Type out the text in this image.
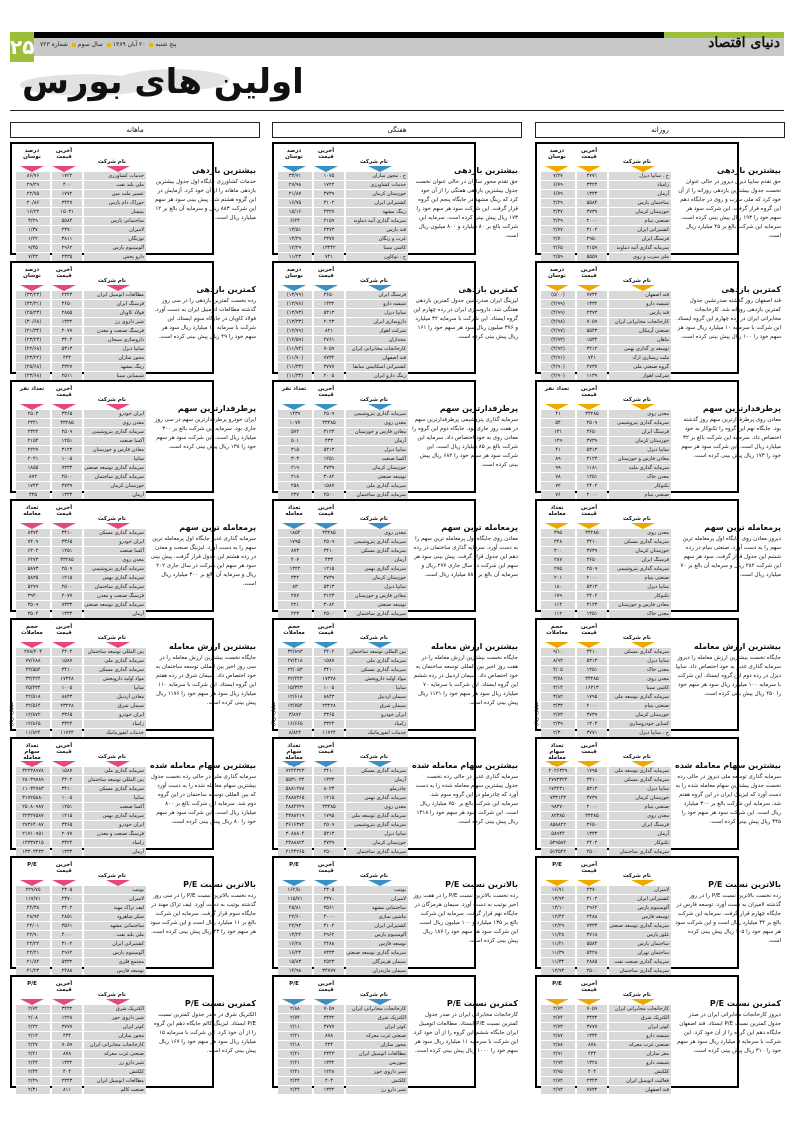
۲۵	پنج شنبه ۲۰ آبان ۱۳۸۹ سال سوم شماره ۷۲۳	دنیای اقتصاد
اولین های بورس
روزانه
نام شرکت
آخرین قیمت
درصد نوسان
ح . سایپا دیزل
۳۷۷۱
۷/۲۷
زامیاد
۳۳۲۴
۶/۷۹
آرمان
۱۳۳۳
۶/۷۹
ساختمان پارس
۵۵۸۴
۴/۲۹
خوزستان کرمان
۳۷۳۹
۴/۳۷
صنعتی بنیام
۲۰۰۰
۴/۲۹
کشتیرانی ایران
۳۱۰۲
۲/۷۷
فرسنگ ایران
۲۹۵۰
۲/۷۰
سرمایه گذاری آتیه دماوند
۲۱۵۹
۲/۶۵
ملی سرب و روی
۵۵۵۹
۲/۵۹
بیشترین بازدهی
حق تقدم سایپا دیزل دیروز در حالی عنوان نخست جدول بیشترین بازدهی روزانه را از آن خود کرد که ملی سرب و روی در جایگاه دهم این گروه قرار گرفت. این شرکت سود هر سهم خود را ۱۹۳ ریال پیش بینی کرده است. سرمایه این شرکت بالغ بر ۴۵ میلیارد ریال است.
نام شرکت
آخرین قیمت
درصد نوسان
قند اصفهان
۷۷۳۲
(۵/۰۰)
شیشه دارو
۱۳۳۲
(۴/۹۹)
قند پارس
۲۳۷۳
(۴/۹۹)
کارخانجات مخابراتی ایران
۷۰۵۹
(۴/۹۸)
صنعتی آرمکان
۵۵۴۳
(۴/۹۷)
ماهان
۱۵۳۴
(۴/۹۳)
توسعه ی گذاری بهمن
۳۲۱۲
(۴/۹۲)
ملت رستاری ارک
۷۴۱
(۴/۹۱)
گروه صنعتی ملی
۲۷۳۷
(۴/۹۰)
شرکت اهواز
۱۱۳۹
(۴/۹۰)
کمترین بازدهی
قند اصفهان روز گذشته صدرنشین جدول کمترین بازدهی روزانه شد. کارخانجات مخابراتی ایران در رده چهارم این گروه ایستاد. این شرکت با سرمایه ۱۰ میلیارد ریال سود هر سهم خود را ۱۰۰ ریال پیش بینی کرده است.
نام شرکت
آخرین قیمت
تعداد نفر
معدن روی
۳۳۲۸۵
۴۱
سرمایه گذاری پتروشیمی
۲۵۰۹
۵۴
فرسنگ ایران
۳۶۵۰
۱۳۱
خوزستان کرمان
۳۷۳۹
۱۲۹
سایپا دیزل
۵۳۱۳
۴۱
معادن فارس و خوزستان
۳۱۲۳
۸۹
سرمایه گذاری ملت
۱۱۸۱
۹۹
معدن خاک
۱۲۵۱
۷۸
تکنوکار
۲۴۰۲
۷۲
صنعتی بنیام
۲۰۰۰
۷۶
پرطرفدارترین سهم
معادن روی پرطرفدارترین سهم روز گذشته بود. جایگاه نهم این گروه را تکنوکار به خود اختصاص داد. سرمایه این شرکت بالغ بر ۳۲ میلیارد ریال است. این شرکت سود هر سهم خود را ۱۷۳ ریال پیش بینی کرده است.
نام شرکت
آخرین قیمت
تعداد معامله
معدن روی
۳۳۲۸۵
۳۹۵
سرمایه گذاری مسکن
۳۴۱۰
۳۴۸
خوزستان کرمان
۳۷۳۹
۳۰۰
فرسنگ ایران
۳۶۵۰
۲۸۷
سرمایه گذاری پتروشیمی
۲۵۰۹
۲۷۵
صنعتی بنیام
۲۰۰۰
۲۰۱
سایپا دیزل
۵۳۱۳
۱۸۰
تکنوکار
۲۴۰۲
۱۷۹
معادن فارس و خوزستان
۳۱۲۳
۱۱۴
معدن خاک
۱۲۵۱
۱۱۲
پرمعامله ترین سهم
دیروز معادن روی جایگاه اول پرمعامله ترین سهم را به دست آورد. صنعتی بنیام در رده ششم این جدول قرار گرفت. سود هر سهم این شرکت ۲۸۲ ریال و سرمایه آن بالغ بر ۷۰ میلیارد ریال است.
نام شرکت
آخرین قیمت
حجم معاملات
سرمایه گذاری مسکن
۳۴۱۰
۹/۱۰
سایپا دیزل
۵۳۱۳
۸/۹۳
معدن خاک
۱۲۵۱
۴/۰۵
معدن روی
۳۳۲۸۵
۳/۷۸
کاشی سینا
۱۶۳۱۳
۳/۱۴
سرمایه گذاری توسعه ملی
۱۷۹۵
۳/۸۲
صنعتی بنیام
۲۰۰۰
۳/۳۳
خوزستان کرمان
۳۷۳۹
۲/۷۳
کمباین خودروسازی
۱۳۰۳
۲/۳۹
ح . سایپا دیزل
۳۷۷۱
۲/۳۰
بیشترین ارزش معامله
جایگاه نخست بیشترین ارزش معامله را دیروز سرمایه گذاری غدیر به خود اختصاص داد. سایپا دیزل در رده دوم این گروه ایستاد. این شرکت با سرمایه ۱۰۰ میلیارد ریال سود هر سهم خود را ۴۵۰ ریال پیش بینی کرده است.
میلیارد ریال
نام شرکت
آخرین قیمت
تعداد سهام معامله شده
سرمایه گذاری توسعه ملی
۱۷۹۵
۲۰۲۶۳۳۹
سرمایه گذاری مسکن
۳۴۱۰
۲۷۷۳۳۲۴
سایپا دیزل
۵۳۱۳
۱۷۳۲۳۱۰
خوزستان کرمان
۳۷۳۹
۷۳۳۱۴۳
صنعتی بنیام
۲۰۰۰
۹۸۳۷۰
معدن روی
۳۳۲۸۵
۸۲۳۸۵
فرسنگ ایران
۳۶۵۰
۸۵۸۸۲۲
آرمان
۱۳۳۳
۵۸۹۴۴
تکنوکار
۲۴۰۲
۵۲۹۵۸۲
سرمایه گذاری ساختمان
۲۵۰۰
۵۱۳۵۴۲
بیشترین سهام معامله شده
سرمایه گذاری توسعه ملی دیروز در حالی رده نخست جدول بیشترین سهام معامله شده را به دست آورد که لیزینگ ایران در این گروه هفتم شد. سرمایه این شرکت بالغ بر ۳۰۰ میلیارد ریال است. این شرکت سود هر سهم خود را ۳۴۵ ریال پیش بینی کرده است.
نام شرکت
آخرین قیمت
P/E
لامیران
۲۳۷۰
۱۶/۷۱
کشتیرانی ایران
۳۱۰۲
۱۳/۹۳
آلومینیوم پارس
۲۹۶۲
۱۳/۱۰
توسعه فارس
۲۴۸۸
۱۲/۴۲
سرمایه گذاری توسعه صنعتی
۷۳۳۳
۱۲/۲۹
غلور پارس
۳۷۱۸
۱۱/۲۸
ساختمان پارس
۵۵۸۴
۱۱/۲۱
ساختمان تهران
۵۴۲۸
۱۱/۳۹
سرمایه گذاری صنعت نفت
۲۸۸۵
۱۱/۳۴
سرمایه گذاری ساختمان
۲۵۰۰
۱۲/۹۳
بالاترین نسبت P/E
رده نخست بالاترین نسبت P/E را در روز گذشته لامیران به دست آورد. توسعه فارس در جایگاه چهارم قرار گرفت. سرمایه این شرکت بالغ بر ۳۴ میلیارد ریال است و این شرکت سود هر سهم خود را ۱۰۵ ریال پیش بینی کرده است.
نام شرکت
آخرین قیمت
P/E
کارخانجات مخابراتی ایران
۷۰۵۹
۲/۷۴
الکتریک شرق
۳۴۳۲
۲/۷۴
کوثر ایران
۳۷۷۷
۲/۷۳
شیشه دارو
۱۳۳۲
۲/۸۷
صنعتی غرب معرکه
۸۷۸
۲/۸۸
مغز ساران
۴۳۴
۲/۹۱
شیشه دارو
۱۳۲۸
۲/۹۳
کلکتش
۴۰۴
۲/۹۵
فعالیت اتوسیل ایران
۲۳۴۳
۲/۷۴
قند اصفهان
۷۷۳۲
۲/۹۳
کمترین نسبت P/E
دیروز کارخانجات مخابراتی ایران در صدر جدول کمترین نسبت P/E ایستاد. قند اصفهان جایگاه دهم این گروه را از آن خود کرد. این شرکت با سرمایه ۵ میلیارد ریال سود هر سهم خود را ۳۱۰ ریال پیش بینی کرده است.
هفتگی
نام شرکت
آخرین قیمت
درصد نوسان
ح . محور سازان
۱۰۷۵
۳۳/۷۱
خدمات کشاورزی
۱۷۲۲
۲۷/۹۸
خوزستان کرمان
۳۷۳۹
۲۱/۸۷
کشتیرانی ایران
۳۱۰۲
۱۶/۷۵
رینگ مشهد
۴۳۲۷
۱۵/۱۶
سرمایه گذاری آتیه دماوند
۲۱۵۹
۶/۲۴
قند پارس
۲۳۷۳
۱۳/۵۱
غرب و زنگان
۲۳۷۷
۱۳/۲۹
کاشی سینا
۱۳۳۴۲
۱۲/۲۹
ح . توکاون
۷۴۱
۱۱/۲۳
بیشترین بازدهی
حق تقدم محور سازان در حالی عنوان نخست جدول بیشترین بازدهی هفتگی را از آن خود کرد که رینگ مشهد در جایگاه پنجم این گروه قرار گرفت. این شرکت سود هر سهم خود را ۱۷۳ ریال پیش بینی کرده است. سرمایه این شرکت بالغ بر ۸۰ میلیارد و ۸۰۰ میلیون ریال است.
نام شرکت
آخرین قیمت
درصد نوسان
فرسنگ ایران
۳۶۵۰
(۱۳/۷۹)
شیشه دارو
۱۳۳۲
(۱۳/۷۸)
سایپا دیزل
۵۳۱۳
(۱۳/۷۳)
داروسازی ایران
۲۰۲۳
(۱۳/۳۳)
شرکت اهواز
۸۲۱
(۱۲/۷۹)
محداران
۲۷۶۱
(۱۲/۵۹)
کارخانجات مخابراتی ایران
۷۰۵۹
(۱۱/۷۴)
قند اصفهان
۷۷۳۲
(۱۱/۷۰)
کشتیرانی اسکانیس سابقا
۳۷۷۷
(۱۱/۳۳)
رینگ دارو ایران
۲۰۰۵
(۱۱/۳۳)
کمترین بازدهی
لیزینگ ایران صدرنشین جدول کمترین بازدهی هفتگی شد. داروسازی ایران در رده چهارم این گروه ایستاد. این شرکت با سرمایه ۳۲ میلیارد و ۳۷۶ میلیون ریال سود هر سهم خود را ۱۶۱ ریال پیش بینی کرده است.
نام شرکت
آخرین قیمت
تعداد نفر
سرمایه گذاری پتروشیمی
۲۵۰۹
۱۴۳۹
معدن روی
۳۳۲۸۵
۱۰۷۷
معادن فارس و خوزستان
۳۱۲۳
۵۷۲
آرمان
۴۳۳
۵۰۱
سایپا دیزل
۵۳۱۳
۳۱۵
آکسا صنعت
۱۲۵۱
۳۰۳
خوزستان کرمان
۳۷۳۹
۲۱۹
توسعه صنعتی
۳۰۸۲
۲۱۸
سرمایه گذاری ملی
۱۵۸۷
۲۵۸
سرمایه گذاری ساختمان
۲۵۰۰
۲۳۷
پرطرفدارترین سهم
سرمایه گذاری پتروشیمی پرطرفدارترین سهم در هفت روز جاری بود. جایگاه دوم این گروه را معادن روی به خود اختصاص داد. سرمایه این شرکت بالغ بر ۸۵ میلیارد ریال است. این شرکت سود هر سهم خود را ۶۸۲ ریال پیش بینی کرده است.
نام شرکت
آخرین قیمت
تعداد معامله
معدن روی
۳۳۲۸۵
۱۸۵۴
سرمایه گذاری پتروشیمی
۲۵۰۹
۱۷۹۵
سرمایه گذاری مسکن
۳۴۱۰
۸۷۳
آرمان
۴۳۳
۴۰۷
سرمایه گذاری بهمن
۱۲۱۵
۱۳۲۲
خوزستان کرمان
۳۷۳۹
۳۳۲
سایپا دیزل
۵۳۱۳
۸۳
معادن فارس و خوزستان
۳۱۲۳
۲۷۷
توسعه صنعتی
۳۰۸۲
۲۲۱
سرمایه گذاری ساختمان
۲۵۰۰
۲۲۳
پرمعامله ترین سهم
معادن روی جایگاه اول پرمعامله ترین سهم را به دست آورد. سرمایه گذاری ساختمان در رده دهم این جدول قرار گرفت. پیش بینی سود هر سهم این شرکت در سال جاری ۲۷۷ ریال و سرمایه آن بالغ بر ۸۸۰ میلیارد ریال است.
نام شرکت
آخرین قیمت
حجم معاملات
بین المللی توسعه ساختمان
۴۴۰۲
۳۲/۸۹۳
سرمایه گذاری ملی
۱۵۸۷
۲۷/۴۱۸
سرمایه گذاری مسکن
۳۴۱۰
۲۳/۰۵۳
مواد اولیه داروپخش
۱۷۳۲۸
۲۲/۲۴۳
سایپا
۱۰۰۵
۱۵/۳۴۳
سیمان اردبیل
۸۸۴۳
۱۲/۶۱۸
سیمان شرق
۲۳۲۲۸
۱۳/۷۵۴
ایران خودرو
۳۳۶۵
۳/۸۷۲
زامیاد
۳۳۲۴
۱۶/۶۶۵
خدمات انفورماتیک
۱۱۷۲۴
۸/۸۲۲
بیشترین ارزش معامله
جایگاه نخست بیشترین ارزش معامله را در هفت روز اخیر بین المللی توسعه ساختمان به خود اختصاص داد. سیمان اردبیل در رده ششم این گروه ایستاد. این شرکت با سرمایه ۷۰ میلیارد ریال سود هر سهم خود را ۱۱۲۱ ریال پیش بینی کرده است.
میلیارد ریال
نام شرکت
آخرین قیمت
تعداد سهام معامله شده
سرمایه گذاری مسکن
۳۴۱۰
۷۲۴۴۳۲۳
آرمان
۱۳۳۳
۵۵۳۱۰۳۴
چادرملو
۸۰۲۳
۵۸۸۱۲۷۸
سرمایه گذاری بهمن
۱۲۱۵
۴۸۸۸۳۶۵
معدن روی
۳۳۲۸۵
۴۸۸۴۲۲۹
سرمایه گذاری توسعه ملی
۱۷۹۵
۴۳۸۸۲۱۹
سرمایه گذاری پتروشیمی
۲۵۰۹
۳۶۱۶۳۷۲
سایپا دیزل
۵۳۱۳
۳۰۸۸۸۰۴
خوزستان کرمان
۳۷۳۹
۲۳۸۸۸۲۴
سرمایه گذاری ساختمان
۲۵۰۰
۲۱۴۴۲۶۵
بیشترین سهام معامله شده
سرمایه گذاری غدیر در حالی رده نخست جدول بیشترین سهام معامله شده را به دست آورد که چادرملو در این گروه سوم شد. سرمایه این شرکت بالغ بر ۷۵۰ میلیارد ریال است. این شرکت سود هر سهم خود را ۱۳۱۸ ریال پیش بینی کرده است.
نام شرکت
آخرین قیمت
P/E
بوتیب
۲۳۰۵
۱۶۲/۵۰
لامیران
۲۳۷۰
۱۱۵/۷۱
ساختمانی مشهد
۳۵۶۱
۲۵/۸۱
ماشین سازی
۴۰۰۰
۲۲/۶۰
کشتیرانی ایران
۳۱۰۲
۲۲/۹۳
آلومینیوم پارس
۲۹۶۲
۱۳/۲۲
توسعه فارس
۲۴۸۸
۱۶/۲۸
سرمایه گذاری توسعه صنعتی
۷۳۳۳
۱۶/۲۴
سیمان هرمزگان
۲۵۲۳
۱۵/۸۳
سیمان مازندران
۳۴۷۷۷
۱۴/۹۸
بالاترین نسبت P/E
رده نخست بالاترین نسبت P/E را در هفت روز اخیر بوتیب به دست آورد. سیمان هرمزگان در جایگاه نهم قرار گرفت. سرمایه این شرکت بالغ بر ۱۳۵ میلیارد و ۱۰۰ میلیون ریال است. این شرکت سود هر سهم خود را ۱۸۷ ریال پیش بینی کرده است.
نام شرکت
آخرین قیمت
P/E
کارخانجات مخابراتی ایران
۷۰۵۹
۲/۸۸
الکتریک شرق
۳۴۳۲
۲/۷۴
کوثر ایران
۳۷۷۷
۲/۱۱
صنعتی غرب معرکه
۸۷۸
۲/۲۱
محور سازان
۴۳۴
۲/۱۸
مطالعات اتومبیل ایران
۲۳۴۳
۲/۲۱
سوزیس
۱۳۳۲
۲/۲۱
شیر داروی خور
۱۲۲۸
۲/۲۱
کلکتش
۴۰۴
۲/۲۴
شیر دارو رز
۱۳۳۲
۲/۲۴
کمترین نسبت P/E
کارخانجات مخابراتی ایران در صدر جدول کمترین نسبت P/E ایستاد. مطالعات اتومبیل ایران جایگاه ششم این گروه را از آن خود کرد. این شرکت با سرمایه ۱۱ میلیارد ریال سود هر سهم خود را ۱۰۰۰ ریال پیش بینی کرده است.
ماهانه
نام شرکت
آخرین قیمت
درصد نوسان
خدمات کشاورزی
۱۷۲۲
۸۶/۷۶
ملی بلند نفت
۴۰۰
۲۹/۲۹
عسیر ملت مین
۱۷۷۲
۲۲/۷۵
خوراک دام پارس
۳۴۴۷
۲۰/۸۶
بنیسار
۱۵۰۳۱
۱۶/۲۲
ساختمانی پارس
۵۵۸۴
۳/۲۹
لامیران
۲۳۷۰
۱/۳۷
توزنگان
۳۸۱۱
۱/۲۲
آلومینیوم پارس
۲۹۶۲
۹/۳۵
دارو پخش
۲۳۳۵
۷/۴۳
بیشترین بازدهی
خدمات کشاورزی جایگاه اول جدول بیشترین بازدهی ماهانه را از آن خود کرد. آزمایش در این گروه هشتم شد. پیش بینی سود هر سهم این شرکت ۸۸۳ ریال و سرمایه آن بالغ بر ۱۲ میلیارد ریال است.
نام شرکت
آخرین قیمت
درصد نوسان
مطالعات اتومبیل ایران
۲۳۴۳
(۳۳/۲۳)
فرسنگ ایران
۳۶۵۰
(۳۲/۳۱)
فولاد کاویان
۲۸۵۵
(۲۵/۲۳)
شیر داروی رز
۱۳۳۲
(۳۰/۶۸)
فرسنگ صنعت و معدن
۲۰۷۷
(۲۱/۳۴)
داروسازی سبحان
۳۴۰۴
(۲۳/۲۳)
سایپا دیزل
۵۳۱۳
(۲۲/۶۸)
محور سازان
۴۳۴
(۲۳/۲۲)
رینگ مشهد
۴۳۲۷
(۲۵/۶۸)
شیمیایی سینا
۲۵۱۱
(۲۳/۶۸)
کمترین بازدهی
رده نخست کمترین بازدهی را در سی روز گذشته مطالعات اتومبیل ایران به دست آورد. فولاد کاویان در جایگاه سوم ایستاد. این شرکت با سرمایه ۱۰ میلیارد ریال سود هر سهم خود را ۴۹ ریال پیش بینی کرده است.
نام شرکت
آخرین قیمت
تعداد نفر
ایران خودرو
۳۳۶۵
۲۵۰۳
معدن روی
۳۳۲۸۵
۲۳۴۱
سرمایه گذاری پتروشیمی
۲۵۰۹
۲۳۲۲
آکسا صنعت
۱۲۵۱
۲۱۵۴
معادن فارس و خوزستان
۳۱۲۳
۲۲۲۷
سایپا
۱۰۰۵
۲۰۴۱
سرمایه گذاری توسعه صنعتی
۷۳۳۳
۱۸۵۵
سرمایه گذاری ساختمان
۲۵۰۰
۸۷۲
خوزستان کرمان
۳۷۳۹
۱۷۴۳
آرمان
۱۳۳۳
۳۳۵
پرطرفدارترین سهم
ایران خودرو پرطرفدارترین سهم در سی روز جاری بود. سرمایه این شرکت بالغ بر ۳۰۰ میلیارد ریال است. این شرکت سود هر سهم خود را ۱۳۸ ریال پیش بینی کرده است.
نام شرکت
آخرین قیمت
تعداد معامله
سرمایه گذاری مسکن
۳۴۱۰
۸۳۷۴
ایران خودرو
۳۳۶۵
۷۴۰۹
آکسا صنعت
۱۲۵۱
۶۳۰۴
معدن روی
۳۳۲۸۵
۶۴۷۳
سرمایه گذاری پتروشیمی
۲۵۰۹
۵۸۷۳
سرمایه گذاری بهمن
۱۲۱۵
۵۸۳۵
سرمایه گذاری ساختمان
۲۵۰۰
۵۲۷۹
فرسنگ صنعت و معدن
۲۰۷۷
۳۹۴۰
سرمایه گذاری توسعه صنعتی
۷۳۳۳
۳۵۰۹
آرمان
۱۳۳۳
۳۵۰۴
پرمعامله ترین سهم
سرمایه گذاری غدیر جایگاه اول پرمعامله ترین سهم را به دست آورد. لیزینگ صنعت و معدن در رده هشتم این جدول قرار گرفت. پیش بینی سود هر سهم این شرکت در سال جاری ۲۰۲ ریال و سرمایه آن بالغ بر ۳۰۰ میلیارد ریال است.
نام شرکت
آخرین قیمت
حجم معاملات
بین المللی توسعه ساختمان
۴۴۰۲
۲۷۸/۲۰۳
سرمایه گذاری ملی
۱۵۸۷
۷۷/۶۸۸
سرمایه گذاری مسکن
۳۴۱۰
۴۳/۵۵۴
مواد اولیه داروپخش
۱۷۳۲۸
۳۳/۲۲۴
سایپا
۱۰۰۵
۲۵/۲۳۴
معادن اردبیل
۸۸۴۳
۲۲/۵۱۸
سیمان شرق
۲۳۲۲۸
۲۲/۵۶۴
ایران خودرو
۳۳۶۵
۱۲/۸۷۲
زامیاد
۳۳۲۴
۱۲/۸۶۵
خدمات انفورماتیک
۱۱۷۲۴
۱۱/۸۲۴
بیشترین ارزش معامله
جایگاه نخست بیشترین ارزش معامله را در سی روز اخیر بین المللی توسعه ساختمان به خود اختصاص داد. سیمان شرق در رده هفتم این گروه ایستاد. این شرکت با سرمایه ۱۱۰ میلیارد ریال سود هر سهم خود را ۱۱۷۶ ریال پیش بینی کرده است.
میلیارد ریال
نام شرکت
آخرین قیمت
تعداد سهام معامله شده
سرمایه گذاری ملی
۱۵۸۷
۳۲۲۳۸۹۷۸
بین المللی توسعه ساختمان
۴۴۰۲
۲۸۰۳۹۷۸۹
سرمایه گذاری مسکن
۳۴۱۰
۱۱۰۳۲۷۸۳
سایپا
۱۰۰۵
۳۱۷۲۵۸۸۰
آکسا صنعت
۱۲۵۱
۲۵۰۸۰۹۸۷
سرمایه گذاری بهمن
۱۲۱۵
۲۲۳۲۷۵۸۷
ایران خودرو
۳۳۶۵
۲۷۳۶۴۰۸۷
فرسنگ صنعت و معدن
۲۰۷۷
۲۱۷۱۰۹۵۱
زامیاد
۳۳۲۴
۱۴۳۳۷۳۱۵
آرمان
۱۳۳۳
۱۳۳۰۳۴۳۳
بیشترین سهام معامله شده
سرمایه گذاری ملی در حالی رده نخست جدول بیشترین سهام معامله شده را به دست آورد که بین المللی توسعه ساختمان در این گروه دوم شد. سرمایه این شرکت بالغ بر ۸۰۰ میلیارد ریال است. این شرکت سود هر سهم خود را ۸۰ ریال پیش بینی کرده است.
نام شرکت
آخرین قیمت
P/E
بوتیب
۲۳۰۵
۲۲۹/۷۵
لامیران
۲۳۷۰
۱۱۷/۷۱
لیف تراک مهند
۳۴۰۲
۴۴/۳۸
شکر شاهرود
۲۸۵۱
۲۸/۹۲
ساختمانی مشهد
۳۵۶۱
۲۴/۰۱
ملی بلند نفت
۴۰۰۰
۲۲/۹۰
کشتیرانی ایران
۳۱۰۲
۲۲/۲۲
آلومینیوم پارس
۲۹۶۲
۲۲/۲۱
مجتمع فلزی
۵۳۳۲
۲۱/۸۴
توسعه فارس
۲۴۸۸
۲۱/۲۳
بالاترین نسبت P/E
رده نخست بالاترین نسبت P/E را در سی روز گذشته بوتیب به دست آورد. لیف تراک مهند در جایگاه سوم قرار گرفت. سرمایه این شرکت بالغ بر ۱۱ میلیارد ریال است و این شرکت سود هر سهم خود را ۲۳ ریال پیش بینی کرده است.
نام شرکت
آخرین قیمت
P/E
الکتریک شرق
۳۴۳۲
۲/۷۴
شیر داروی خور
۱۲۲۸
۲/۰۸
کوثر ایران
۳۷۷۷
۲/۲۲
محور سازان
۴۳۴
۲/۱۳
کارخانجات مخابراتی ایران
۷۰۵۹
۲/۲۷
صنعتی غرب معرکه
۸۷۸
۲/۲۱
شیر دارو رز
۱۳۳۲
۲/۲۴
کلکتش
۴۰۴
۲/۲۴
مطالعات اتومبیل ایران
۲۳۴۳
۲/۲۹
صنعت کالم
۸۱۱
۲/۳۱
کمترین نسبت P/E
الکتریک شرق در صدر جدول کمترین نسبت P/E ایستاد. لیزینگ کالم جایگاه دهم این گروه را از آن خود کرد. این شرکت با سرمایه ۱۵ میلیارد ریال سود هر سهم خود را ۱۶۷ ریال پیش بینی کرده است.
